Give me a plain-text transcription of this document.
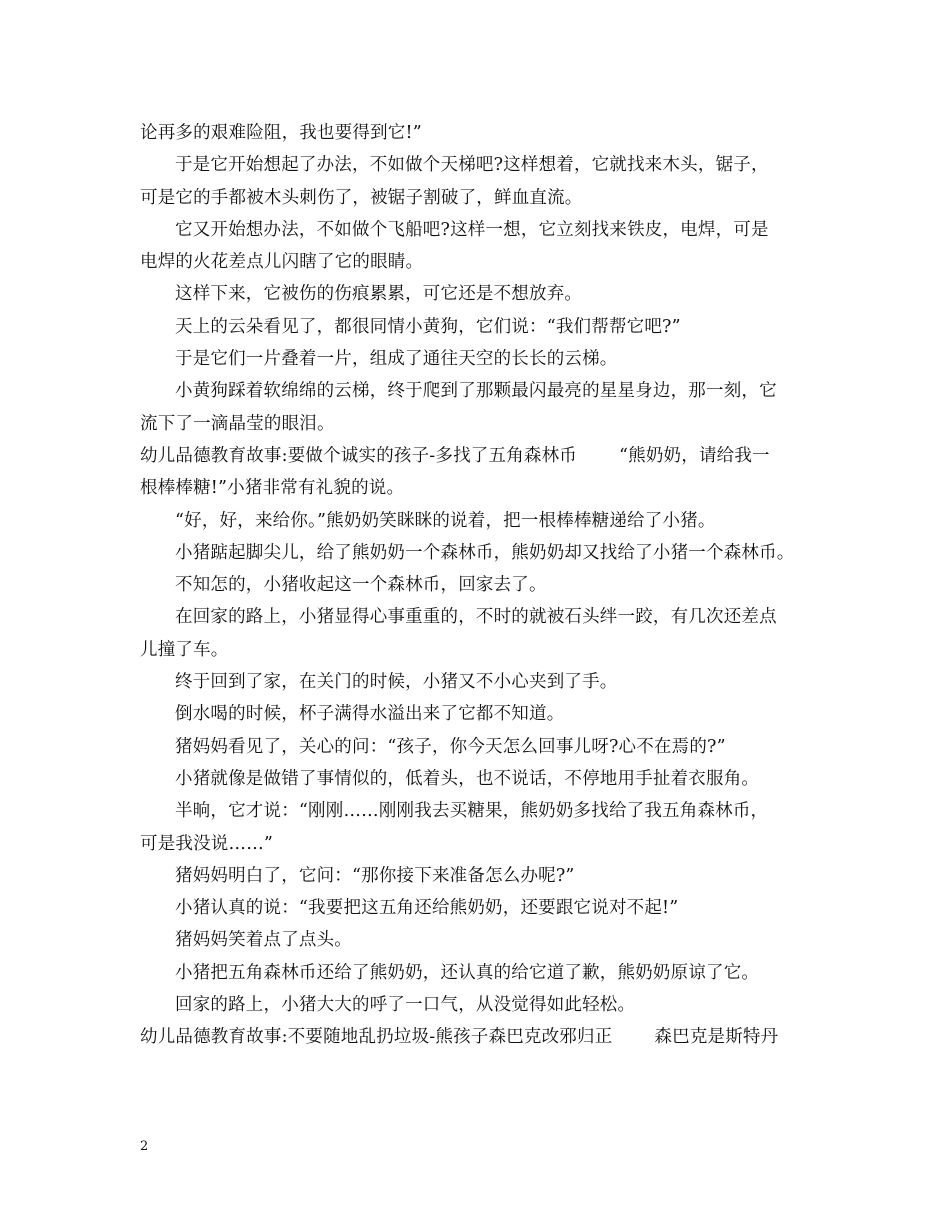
论再多的艰难险阻，我也要得到它!”
于是它开始想起了办法，不如做个天梯吧?这样想着，它就找来木头，锯子，
可是它的手都被木头刺伤了，被锯子割破了，鲜血直流。
它又开始想办法，不如做个飞船吧?这样一想，它立刻找来铁皮，电焊，可是
电焊的火花差点儿闪瞎了它的眼睛。
这样下来，它被伤的伤痕累累，可它还是不想放弃。
天上的云朵看见了，都很同情小黄狗，它们说：“我们帮帮它吧?”
于是它们一片叠着一片，组成了通往天空的长长的云梯。
小黄狗踩着软绵绵的云梯，终于爬到了那颗最闪最亮的星星身边，那一刻，它
流下了一滴晶莹的眼泪。
幼儿品德教育故事:要做个诚实的孩子-多找了五角森林币 “熊奶奶，请给我一
根棒棒糖!”小猪非常有礼貌的说。
“好，好，来给你。”熊奶奶笑眯眯的说着，把一根棒棒糖递给了小猪。
小猪踮起脚尖儿，给了熊奶奶一个森林币，熊奶奶却又找给了小猪一个森林币。
不知怎的，小猪收起这一个森林币，回家去了。
在回家的路上，小猪显得心事重重的，不时的就被石头绊一跤，有几次还差点
儿撞了车。
终于回到了家，在关门的时候，小猪又不小心夹到了手。
倒水喝的时候，杯子满得水溢出来了它都不知道。
猪妈妈看见了，关心的问：“孩子，你今天怎么回事儿呀?心不在焉的?”
小猪就像是做错了事情似的，低着头，也不说话，不停地用手扯着衣服角。
半晌，它才说：“刚刚……刚刚我去买糖果，熊奶奶多找给了我五角森林币，
可是我没说……”
猪妈妈明白了，它问：“那你接下来准备怎么办呢?”
小猪认真的说：“我要把这五角还给熊奶奶，还要跟它说对不起!”
猪妈妈笑着点了点头。
小猪把五角森林币还给了熊奶奶，还认真的给它道了歉，熊奶奶原谅了它。
回家的路上，小猪大大的呼了一口气，从没觉得如此轻松。
幼儿品德教育故事:不要随地乱扔垃圾-熊孩子森巴克改邪归正 森巴克是斯特丹
2
